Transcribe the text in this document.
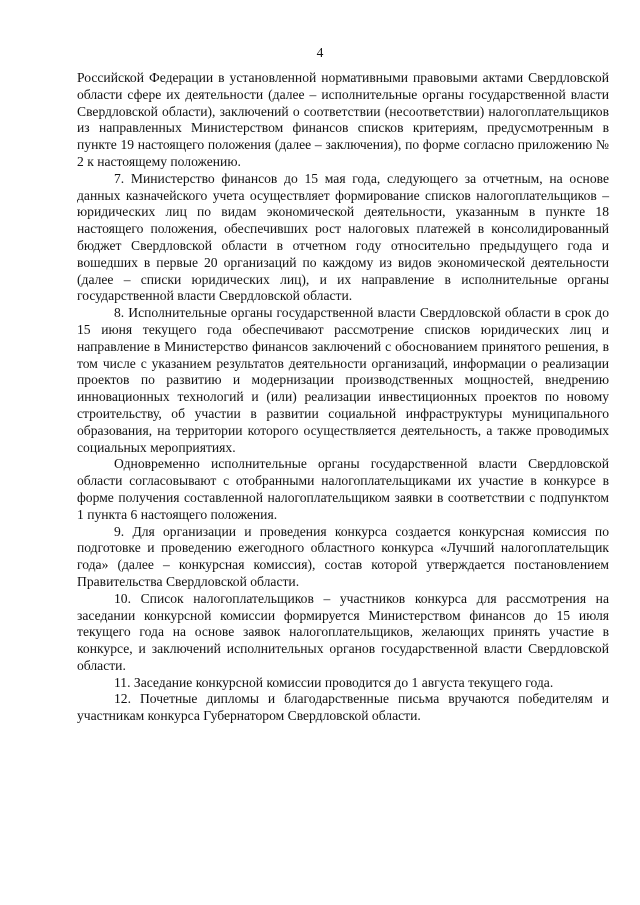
4

Российской Федерации в установленной нормативными правовыми актами Свердловской области сфере их деятельности (далее – исполнительные органы государственной власти Свердловской области), заключений о соответствии (несоответствии) налогоплательщиков из направленных Министерством финансов списков критериям, предусмотренным в пункте 19 настоящего положения (далее – заключения), по форме согласно приложению № 2 к настоящему положению.

7. Министерство финансов до 15 мая года, следующего за отчетным, на основе данных казначейского учета осуществляет формирование списков налогоплательщиков – юридических лиц по видам экономической деятельности, указанным в пункте 18 настоящего положения, обеспечивших рост налоговых платежей в консолидированный бюджет Свердловской области в отчетном году относительно предыдущего года и вошедших в первые 20 организаций по каждому из видов экономической деятельности (далее – списки юридических лиц), и их направление в исполнительные органы государственной власти Свердловской области.

8. Исполнительные органы государственной власти Свердловской области в срок до 15 июня текущего года обеспечивают рассмотрение списков юридических лиц и направление в Министерство финансов заключений с обоснованием принятого решения, в том числе с указанием результатов деятельности организаций, информации о реализации проектов по развитию и модернизации производственных мощностей, внедрению инновационных технологий и (или) реализации инвестиционных проектов по новому строительству, об участии в развитии социальной инфраструктуры муниципального образования, на территории которого осуществляется деятельность, а также проводимых социальных мероприятиях.

Одновременно исполнительные органы государственной власти Свердловской области согласовывают с отобранными налогоплательщиками их участие в конкурсе в форме получения составленной налогоплательщиком заявки в соответствии с подпунктом 1 пункта 6 настоящего положения.

9. Для организации и проведения конкурса создается конкурсная комиссия по подготовке и проведению ежегодного областного конкурса «Лучший налогоплательщик года» (далее – конкурсная комиссия), состав которой утверждается постановлением Правительства Свердловской области.

10. Список налогоплательщиков – участников конкурса для рассмотрения на заседании конкурсной комиссии формируется Министерством финансов до 15 июля текущего года на основе заявок налогоплательщиков, желающих принять участие в конкурсе, и заключений исполнительных органов государственной власти Свердловской области.

11. Заседание конкурсной комиссии проводится до 1 августа текущего года.

12. Почетные дипломы и благодарственные письма вручаются победителям и участникам конкурса Губернатором Свердловской области.
